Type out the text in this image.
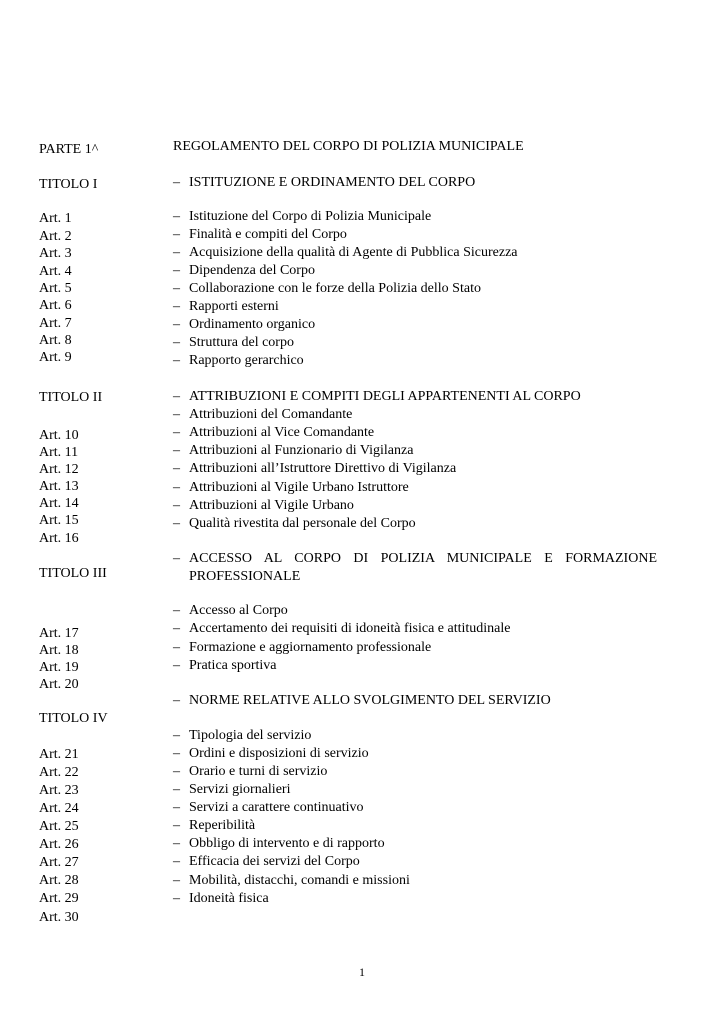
PARTE 1^
TITOLO I
Art. 1
Art. 2
Art. 3
Art. 4
Art. 5
Art. 6
Art. 7
Art. 8
Art. 9
TITOLO II
Art. 10
Art. 11
Art. 12
Art. 13
Art. 14
Art. 15
Art. 16
TITOLO III
Art. 17
Art. 18
Art. 19
Art. 20
TITOLO IV
Art. 21
Art. 22
Art. 23
Art. 24
Art. 25
Art. 26
Art. 27
Art. 28
Art. 29
Art. 30
REGOLAMENTO DEL CORPO DI POLIZIA MUNICIPALE
– ISTITUZIONE E ORDINAMENTO DEL CORPO
– Istituzione del Corpo di Polizia Municipale
– Finalità e compiti del Corpo
– Acquisizione della qualità di Agente di Pubblica Sicurezza
– Dipendenza del Corpo
– Collaborazione con le forze della Polizia dello Stato
– Rapporti esterni
– Ordinamento organico
– Struttura del corpo
– Rapporto gerarchico
– ATTRIBUZIONI E COMPITI DEGLI APPARTENENTI AL CORPO
– Attribuzioni del Comandante
– Attribuzioni al Vice Comandante
– Attribuzioni al Funzionario di Vigilanza
– Attribuzioni all’Istruttore Direttivo di Vigilanza
– Attribuzioni al Vigile Urbano Istruttore
– Attribuzioni al Vigile Urbano
– Qualità rivestita dal personale del Corpo
– ACCESSO AL CORPO DI POLIZIA MUNICIPALE E FORMAZIONE PROFESSIONALE
– Accesso al Corpo
– Accertamento dei requisiti di idoneità fisica e attitudinale
– Formazione e aggiornamento professionale
– Pratica sportiva
– NORME RELATIVE ALLO SVOLGIMENTO DEL SERVIZIO
– Tipologia del servizio
– Ordini e disposizioni di servizio
– Orario e turni di servizio
– Servizi giornalieri
– Servizi a carattere continuativo
– Reperibilità
– Obbligo di intervento e di rapporto
– Efficacia dei servizi del Corpo
– Mobilità, distacchi, comandi e missioni
– Idoneità fisica
1
